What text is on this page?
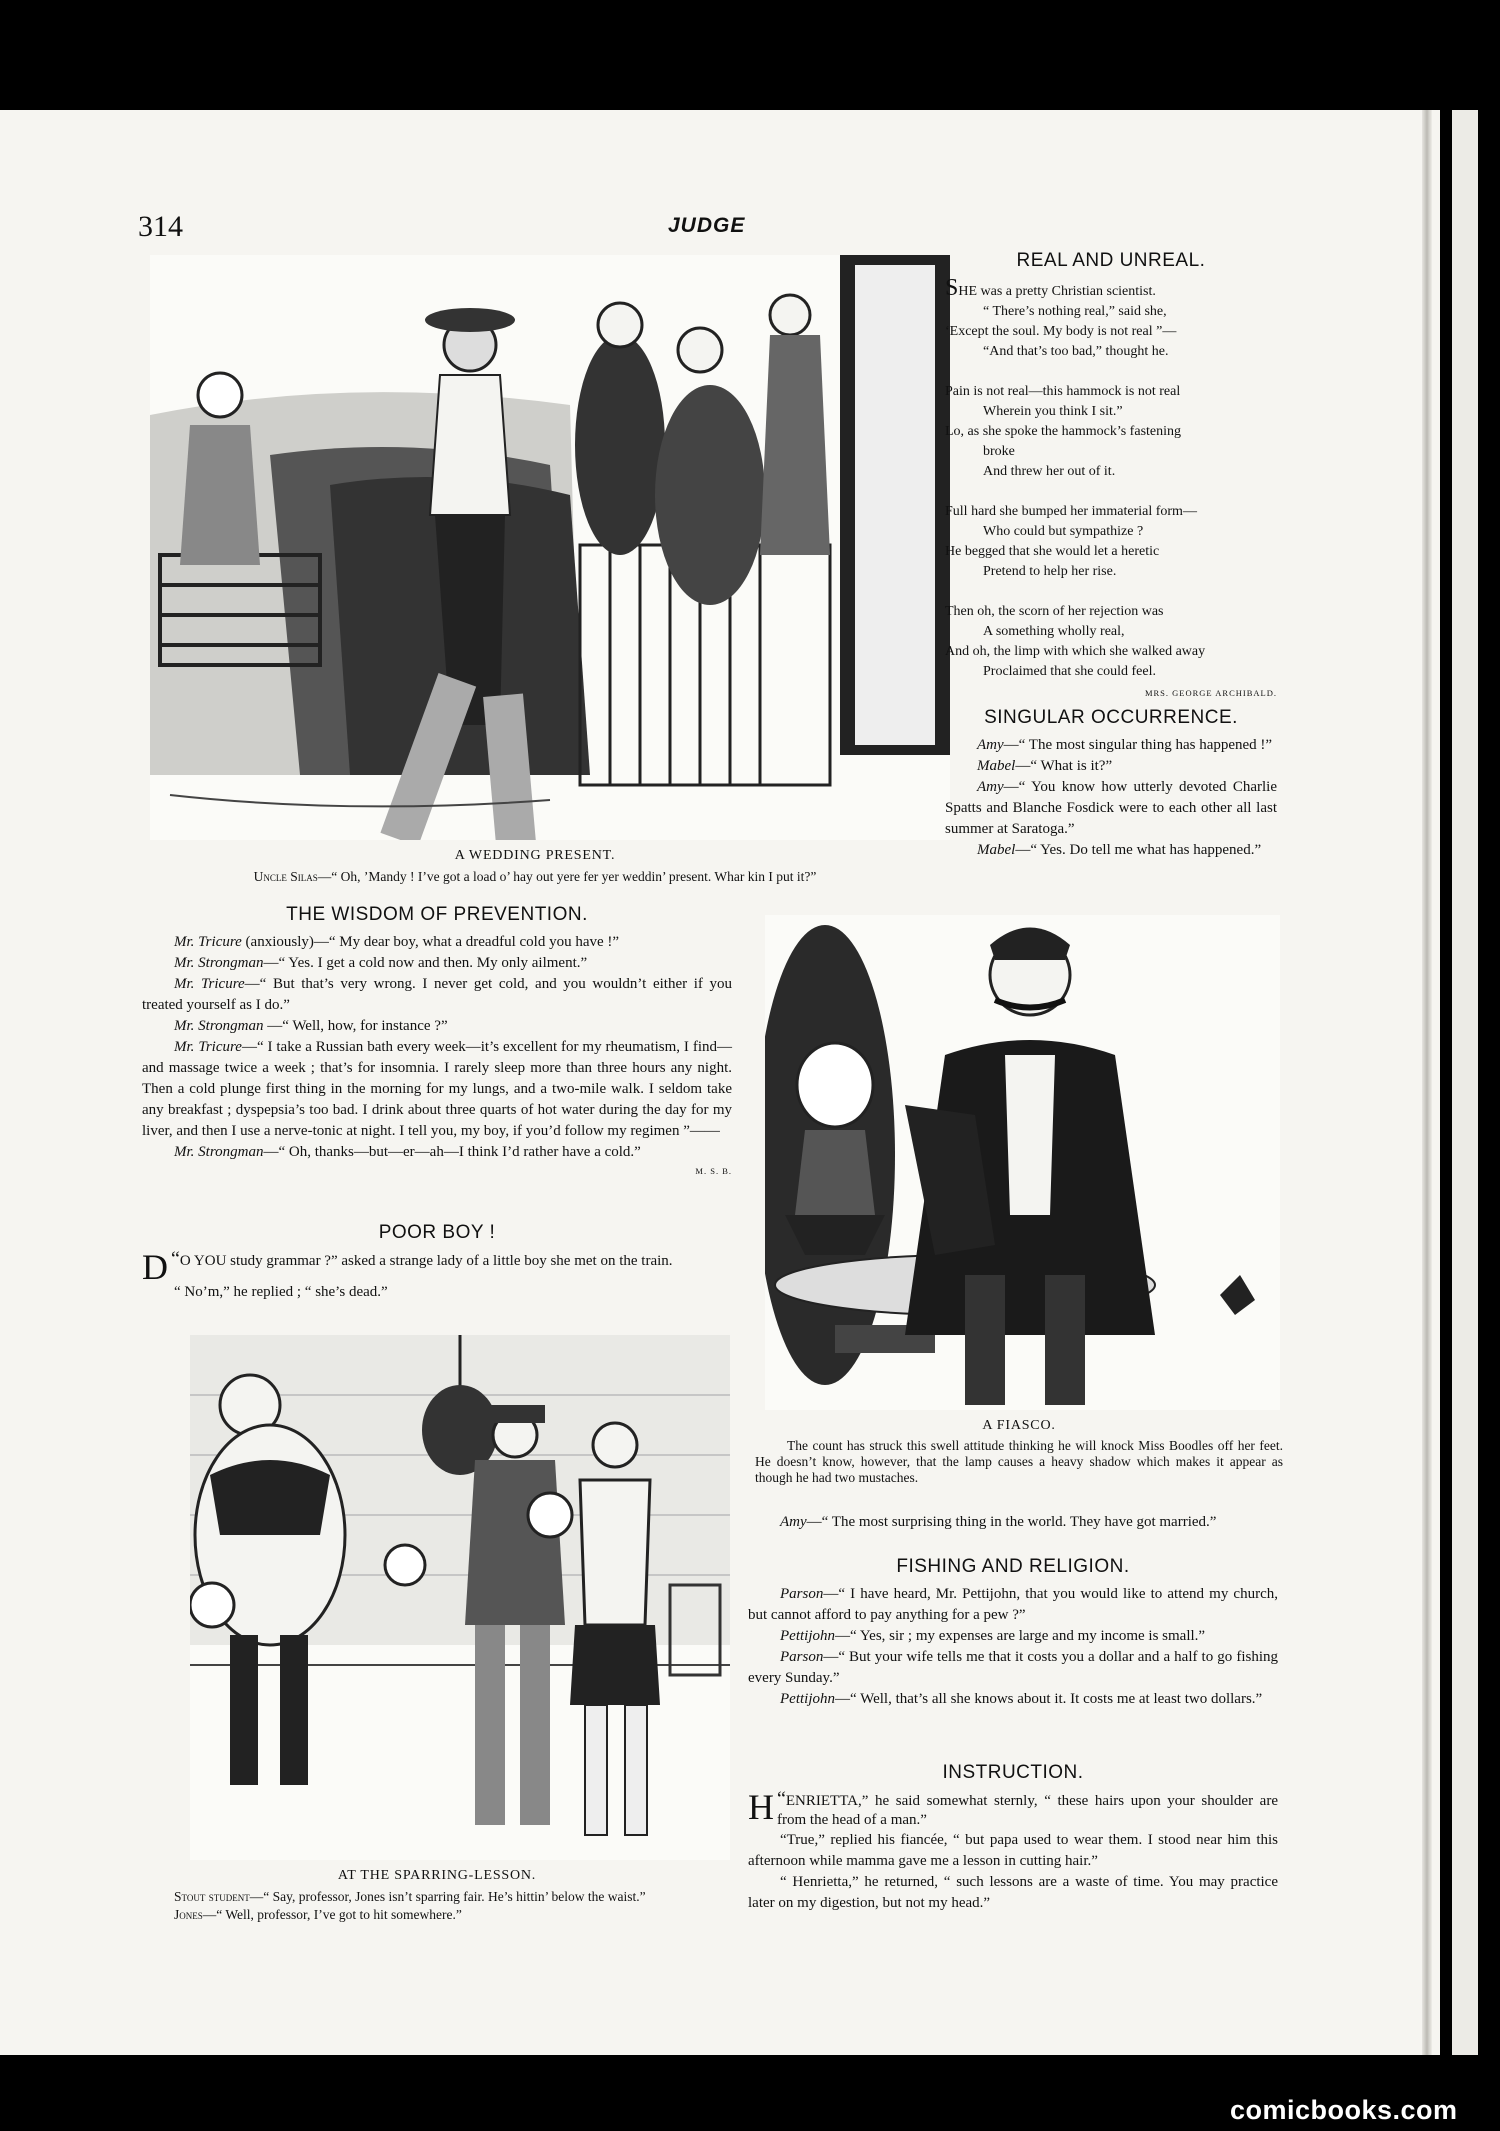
314	JUDGE
A WEDDING PRESENT.
Uncle Silas—“ Oh, ’Mandy ! I’ve got a load o’ hay out yere fer yer weddin’ present. Whar kin I put it?”
THE WISDOM OF PREVENTION.

Mr. Tricure (anxiously)—“ My dear boy, what a dreadful cold you have !”

Mr. Strongman—“ Yes. I get a cold now and then. My only ailment.”

Mr. Tricure—“ But that’s very wrong. I never get cold, and you wouldn’t either if you treated yourself as I do.”

Mr. Strongman —“ Well, how, for instance ?”

Mr. Tricure—“ I take a Russian bath every week—it’s excellent for my rheumatism, I find—and massage twice a week ; that’s for insomnia. I rarely sleep more than three hours any night. Then a cold plunge first thing in the morning for my lungs, and a two-mile walk. I seldom take any breakfast ; dyspepsia’s too bad. I drink about three quarts of hot water during the day for my liver, and then I use a nerve-tonic at night. I tell you, my boy, if you’d follow my regimen ”——

Mr. Strongman—“ Oh, thanks—but—er—ah—I think I’d rather have a cold.”

M. S. B.
POOR BOY !

“
D O YOU study grammar ?” asked a strange lady of a little boy she met on the train.

“ No’m,” he replied ; “ she’s dead.”

AT THE SPARRING-LESSON.

Stout student—“ Say, professor, Jones isn’t sparring fair. He’s hittin’ below the waist.”

Jones—“ Well, professor, I’ve got to hit somewhere.”

REAL AND UNREAL.

SHE was a pretty Christian scientist.

“ There’s nothing real,” said she,

‘Except the soul. My body is not real ”—

“And that’s too bad,” thought he.

Pain is not real—this hammock is not real

Wherein you think I sit.”

Lo, as she spoke the hammock’s fastening

broke

And threw her out of it.

Full hard she bumped her immaterial form—

Who could but sympathize ?

He begged that she would let a heretic

Pretend to help her rise.

Then oh, the scorn of her rejection was

A something wholly real,

And oh, the limp with which she walked away

Proclaimed that she could feel.

MRS. GEORGE ARCHIBALD.
SINGULAR OCCURRENCE.

Amy—“ The most singular thing has happened !”

Mabel—“ What is it?”

Amy—“ You know how utterly devoted Charlie Spatts and Blanche Fosdick were to each other all last summer at Saratoga.”

Mabel—“ Yes. Do tell me what has happened.”

A FIASCO.

The count has struck this swell attitude thinking he will knock Miss Boodles off her feet. He doesn’t know, however, that the lamp causes a heavy shadow which makes it appear as though he had two mustaches.

Amy—“ The most surprising thing in the world. They have got married.”

FISHING AND RELIGION.

Parson—“ I have heard, Mr. Pettijohn, that you would like to attend my church, but cannot afford to pay anything for a pew ?”

Pettijohn—“ Yes, sir ; my expenses are large and my income is small.”

Parson—“ But your wife tells me that it costs you a dollar and a half to go fishing every Sunday.”

Pettijohn—“ Well, that’s all she knows about it. It costs me at least two dollars.”

INSTRUCTION.

“
H ENRIETTA,” he said somewhat sternly, “ these hairs upon your shoulder are from the head of a man.”

“True,” replied his fiancée, “ but papa used to wear them. I stood near him this afternoon while mamma gave me a lesson in cutting hair.”

“ Henrietta,” he returned, “ such lessons are a waste of time. You may practice later on my digestion, but not my head.”

comicbooks.com
